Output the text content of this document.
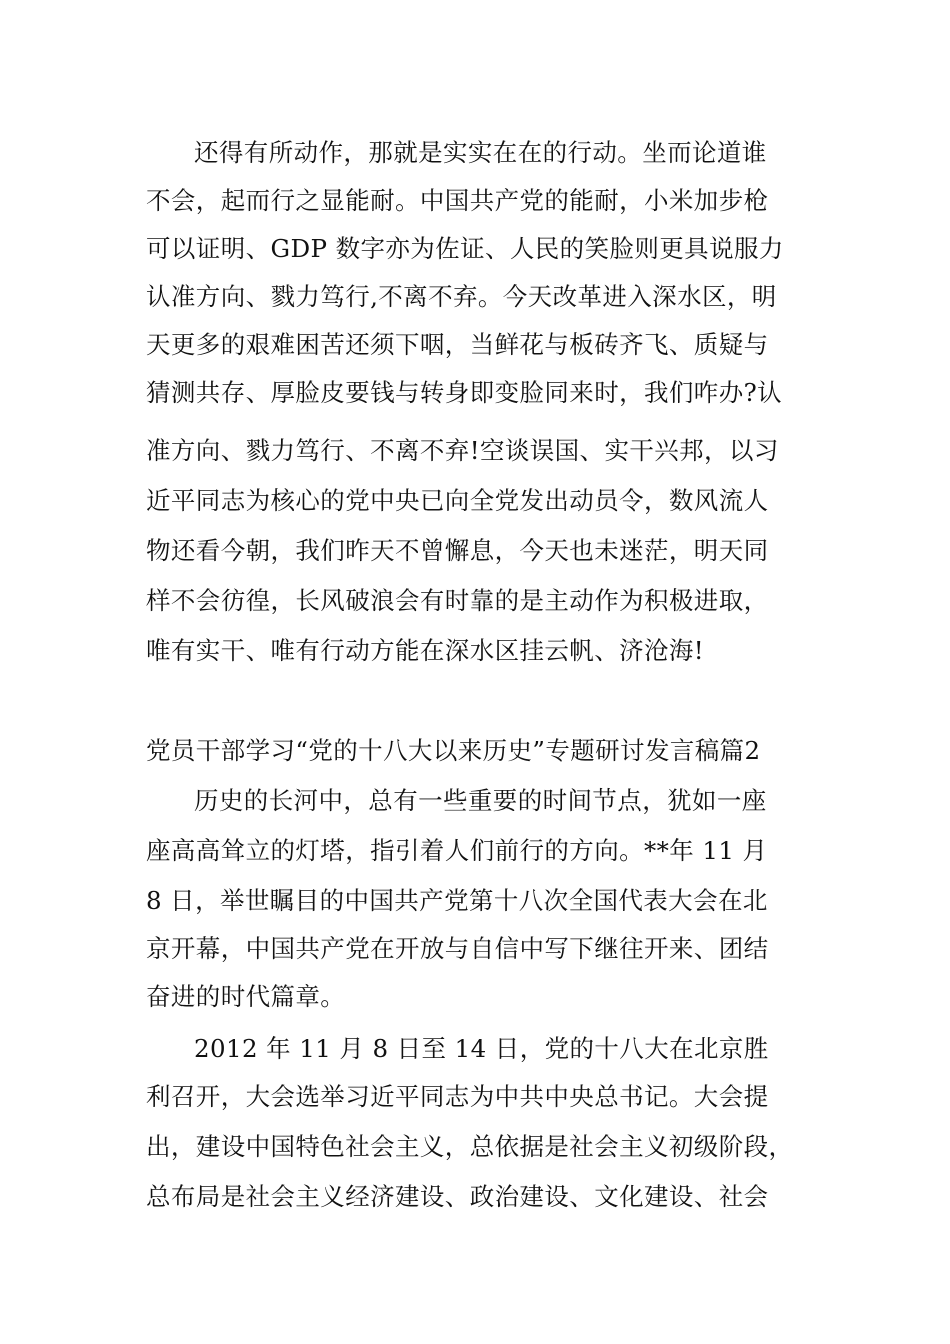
还得有所动作，那就是实实在在的行动。坐而论道谁
不会，起而行之显能耐。中国共产党的能耐，小米加步枪
可以证明、GDP 数字亦为佐证、人民的笑脸则更具说服力
认准方向、戮力笃行,不离不弃。今天改革进入深水区，明
天更多的艰难困苦还须下咽，当鲜花与板砖齐飞、质疑与
猜测共存、厚脸皮要钱与转身即变脸同来时，我们咋办?认
准方向、戮力笃行、不离不弃!空谈误国、实干兴邦，以习
近平同志为核心的党中央已向全党发出动员令，数风流人
物还看今朝，我们昨天不曾懈息，今天也未迷茫，明天同
样不会彷徨，长风破浪会有时靠的是主动作为积极进取，
唯有实干、唯有行动方能在深水区挂云帆、济沧海!
党员干部学习“党的十八大以来历史”专题研讨发言稿篇2
历史的长河中，总有一些重要的时间节点，犹如一座
座高高耸立的灯塔，指引着人们前行的方向。**年 11 月
8 日，举世瞩目的中国共产党第十八次全国代表大会在北
京开幕，中国共产党在开放与自信中写下继往开来、团结
奋进的时代篇章。
2012 年 11 月 8 日至 14 日，党的十八大在北京胜
利召开，大会选举习近平同志为中共中央总书记。大会提
出，建设中国特色社会主义，总依据是社会主义初级阶段，
总布局是社会主义经济建设、政治建设、文化建设、社会
